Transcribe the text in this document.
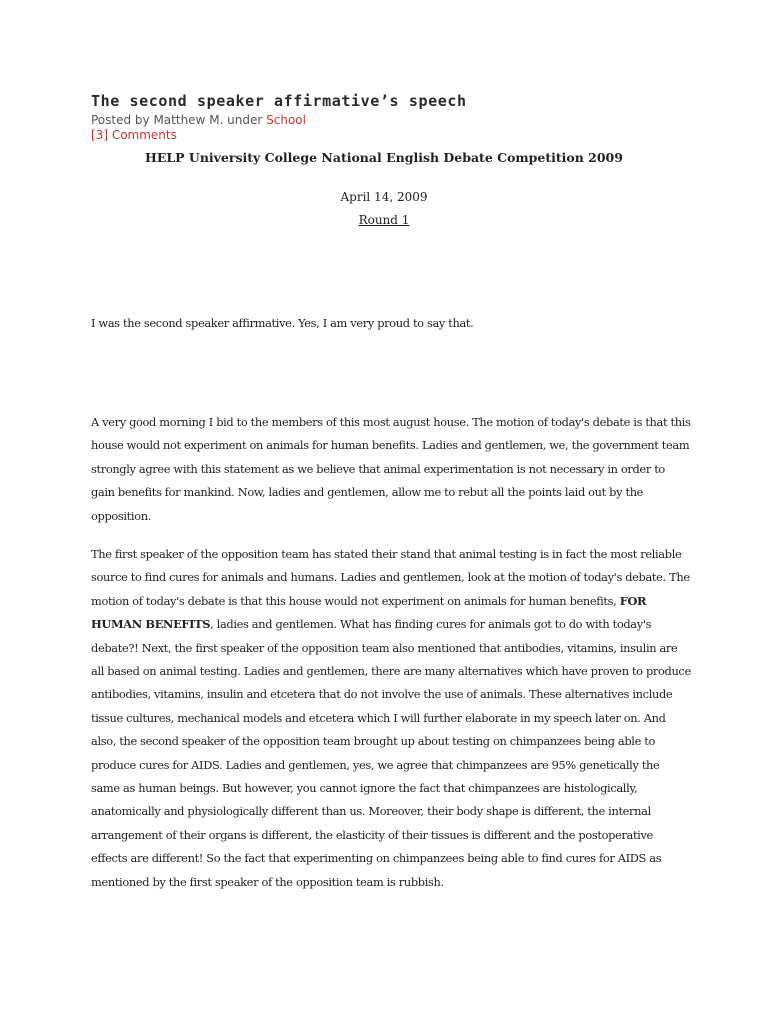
The second speaker affirmative’s speech
Posted by Matthew M. under School
[3] Comments
HELP University College National English Debate Competition 2009
April 14, 2009
Round 1

I was the second speaker affirmative. Yes, I am very proud to say that.

A very good morning I bid to the members of this most august house. The motion of today's debate is that this house would not experiment on animals for human benefits. Ladies and gentlemen, we, the government team strongly agree with this statement as we believe that animal experimentation is not necessary in order to gain benefits for mankind. Now, ladies and gentlemen, allow me to rebut all the points laid out by the opposition.

The first speaker of the opposition team has stated their stand that animal testing is in fact the most reliable source to find cures for animals and humans. Ladies and gentlemen, look at the motion of today's debate. The motion of today's debate is that this house would not experiment on animals for human benefits, FOR HUMAN BENEFITS, ladies and gentlemen. What has finding cures for animals got to do with today's debate?! Next, the first speaker of the opposition team also mentioned that antibodies, vitamins, insulin are all based on animal testing. Ladies and gentlemen, there are many alternatives which have proven to produce antibodies, vitamins, insulin and etcetera that do not involve the use of animals. These alternatives include tissue cultures, mechanical models and etcetera which I will further elaborate in my speech later on. And also, the second speaker of the opposition team brought up about testing on chimpanzees being able to produce cures for AIDS. Ladies and gentlemen, yes, we agree that chimpanzees are 95% genetically the same as human beings. But however, you cannot ignore the fact that chimpanzees are histologically, anatomically and physiologically different than us. Moreover, their body shape is different, the internal arrangement of their organs is different, the elasticity of their tissues is different and the postoperative effects are different! So the fact that experimenting on chimpanzees being able to find cures for AIDS as mentioned by the first speaker of the opposition team is rubbish.
